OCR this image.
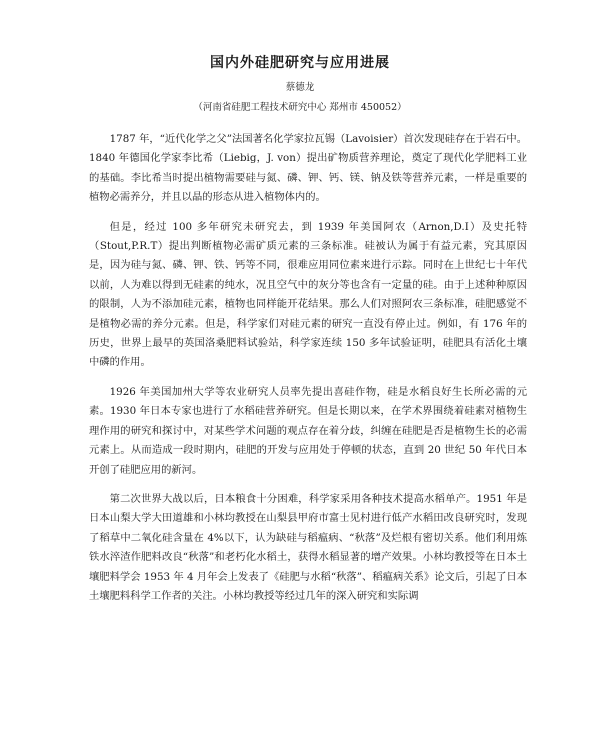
国内外硅肥研究与应用进展
蔡德龙
（河南省硅肥工程技术研究中心 郑州市 450052）

1787 年，“近代化学之父”法国著名化学家拉瓦锡（Lavoisier）首次发现硅存在于岩石中。1840 年德国化学家李比希（Liebig，J. von）提出矿物质营养理论，奠定了现代化学肥料工业的基础。李比希当时提出植物需要硅与氮、磷、钾、钙、镁、钠及铁等营养元素，一样是重要的植物必需养分，并且以晶的形态从进入植物体内的。

但是，经过 100 多年研究未研究去，到 1939 年美国阿农（Arnon,D.I）及史托特（Stout,P.R.T）提出判断植物必需矿质元素的三条标准。硅被认为属于有益元素，究其原因是，因为硅与氮、磷、钾、铁、钙等不同，很难应用同位素来进行示踪。同时在上世纪七十年代以前，人为难以得到无硅素的纯水，况且空气中的灰分等也含有一定量的硅。由于上述种种原因的限制，人为不添加硅元素，植物也同样能开花结果。那么人们对照阿农三条标准，硅肥感觉不是植物必需的养分元素。但是，科学家们对硅元素的研究一直没有停止过。例如，有 176 年的历史，世界上最早的英国洛桑肥料试验站，科学家连续 150 多年试验证明，硅肥具有活化土壤中磷的作用。

1926 年美国加州大学等农业研究人员率先提出喜硅作物，硅是水稻良好生长所必需的元素。1930 年日本专家也进行了水稻硅营养研究。但是长期以来，在学术界围绕着硅素对植物生理作用的研究和探讨中，对某些学术问题的观点存在着分歧，纠缠在硅肥是否是植物生长的必需元素上。从而造成一段时期内，硅肥的开发与应用处于停顿的状态，直到 20 世纪 50 年代日本开创了硅肥应用的新河。

第二次世界大战以后，日本粮食十分困难，科学家采用各种技术提高水稻单产。1951 年是日本山梨大学大田道雄和小林均教授在山梨县甲府市富士见村进行低产水稻田改良研究时，发现了稻草中二氧化硅含量在 4%以下，认为缺硅与稻瘟病、“秋落”及烂根有密切关系。他们利用炼铁水淬渣作肥料改良“秋落”和老朽化水稻土，获得水稻显著的增产效果。小林均教授等在日本土壤肥料学会 1953 年 4 月年会上发表了《硅肥与水稻“秋落”、稻瘟病关系》论文后，引起了日本土壤肥料科学工作者的关注。小林均教授等经过几年的深入研究和实际调
